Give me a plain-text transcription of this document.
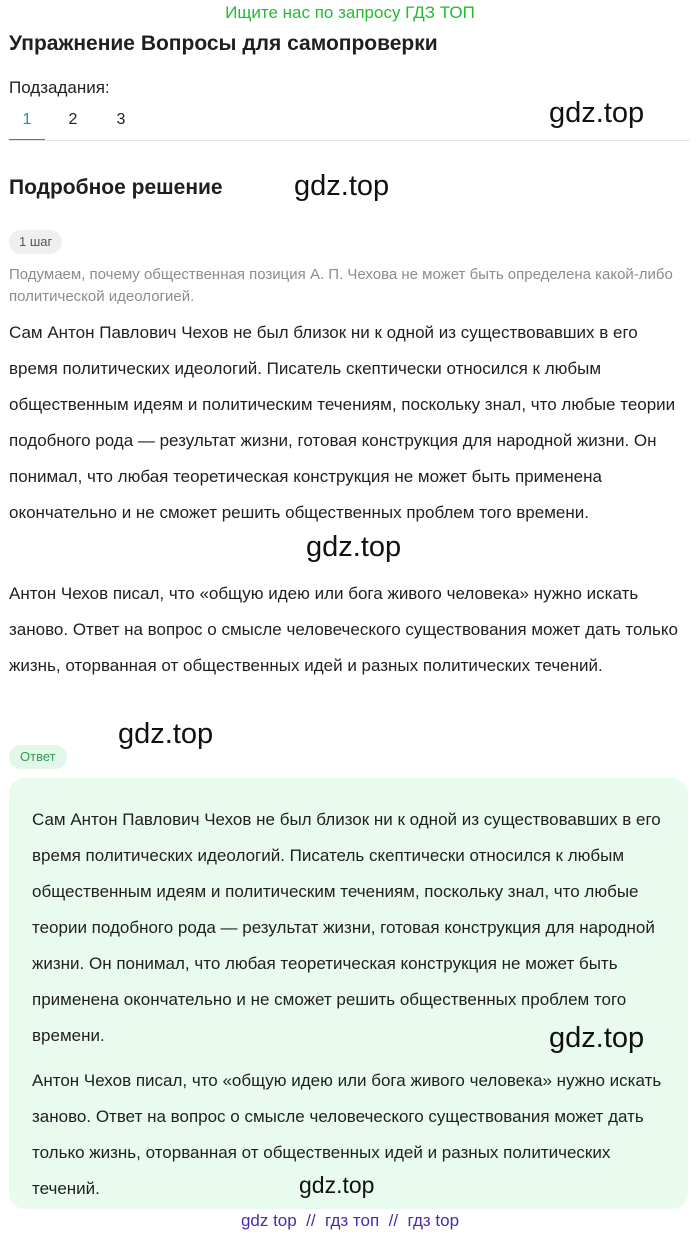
Ищите нас по запросу ГДЗ ТОП
Упражнение Вопросы для самопроверки
Подзадания:
1	2	3	gdz.top
Подробное решение gdz.top
1 шаг
Подумаем, почему общественная позиция А. П. Чехова не может быть определена какой-либо политической идеологией.
Сам Антон Павлович Чехов не был близок ни к одной из существовавших в его время политических идеологий. Писатель скептически относился к любым общественным идеям и политическим течениям, поскольку знал, что любые теории подобного рода — результат жизни, готовая конструкция для народной жизни. Он понимал, что любая теоретическая конструкция не может быть применена окончательно и не сможет решить общественных проблем того времени.
gdz.top
Антон Чехов писал, что «общую идею или бога живого человека» нужно искать заново. Ответ на вопрос о смысле человеческого существования может дать только жизнь, оторванная от общественных идей и разных политических течений.
gdz.top
Ответ
Сам Антон Павлович Чехов не был близок ни к одной из существовавших в его время политических идеологий. Писатель скептически относился к любым общественным идеям и политическим течениям, поскольку знал, что любые теории подобного рода — результат жизни, готовая конструкция для народной жизни. Он понимал, что любая теоретическая конструкция не может быть применена окончательно и не сможет решить общественных проблем того времени.	gdz.top
Антон Чехов писал, что «общую идею или бога живого человека» нужно искать заново. Ответ на вопрос о смысле человеческого существования может дать только жизнь, оторванная от общественных идей и разных политических течений.	gdz.top
gdz top  //  гдз топ  //  гдз top
